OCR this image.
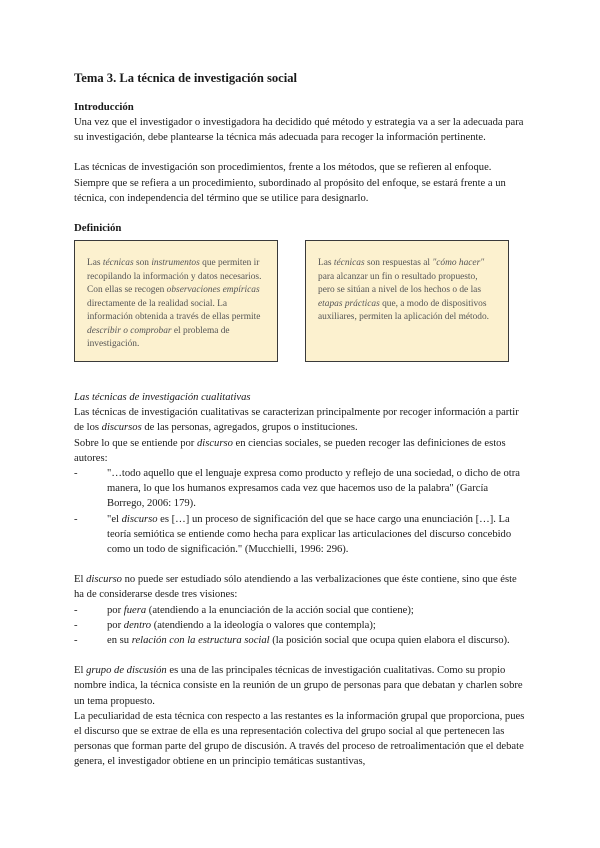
Tema 3. La técnica de investigación social
Introducción

Una vez que el investigador o investigadora ha decidido qué método y estrategia va a ser la adecuada para su investigación, debe plantearse la técnica más adecuada para recoger la información pertinente.

Las técnicas de investigación son procedimientos, frente a los métodos, que se refieren al enfoque. Siempre que se refiera a un procedimiento, subordinado al propósito del enfoque, se estará frente a un técnica, con independencia del término que se utilice para designarlo.

Definición
Las técnicas son instrumentos que permiten ir recopilando la información y datos necesarios. Con ellas se recogen observaciones empíricas directamente de la realidad social. La información obtenida a través de ellas permite describir o comprobar el problema de investigación.
Las técnicas son respuestas al "cómo hacer" para alcanzar un fin o resultado propuesto, pero se sitúan a nivel de los hechos o de las etapas prácticas que, a modo de dispositivos auxiliares, permiten la aplicación del método.

Las técnicas de investigación cualitativas

Las técnicas de investigación cualitativas se caracterizan principalmente por recoger información a partir de los discursos de las personas, agregados, grupos o instituciones.

Sobre lo que se entiende por discurso en ciencias sociales, se pueden recoger las definiciones de estos autores:

-	"…todo aquello que el lenguaje expresa como producto y reflejo de una sociedad, o dicho de otra manera, lo que los humanos expresamos cada vez que hacemos uso de la palabra" (García Borrego, 2006: 179).
-	"el discurso es […] un proceso de significación del que se hace cargo una enunciación […]. La teoría semiótica se entiende como hecha para explicar las articulaciones del discurso concebido como un todo de significación." (Mucchielli, 1996: 296).

El discurso no puede ser estudiado sólo atendiendo a las verbalizaciones que éste contiene, sino que éste ha de considerarse desde tres visiones:

-	por fuera (atendiendo a la enunciación de la acción social que contiene);
-	por dentro (atendiendo a la ideología o valores que contempla);
-	en su relación con la estructura social (la posición social que ocupa quien elabora el discurso).

El grupo de discusión es una de las principales técnicas de investigación cualitativas. Como su propio nombre indica, la técnica consiste en la reunión de un grupo de personas para que debatan y charlen sobre un tema propuesto.

La peculiaridad de esta técnica con respecto a las restantes es la información grupal que proporciona, pues el discurso que se extrae de ella es una representación colectiva del grupo social al que pertenecen las personas que forman parte del grupo de discusión. A través del proceso de retroalimentación que el debate genera, el investigador obtiene en un principio temáticas sustantivas,
